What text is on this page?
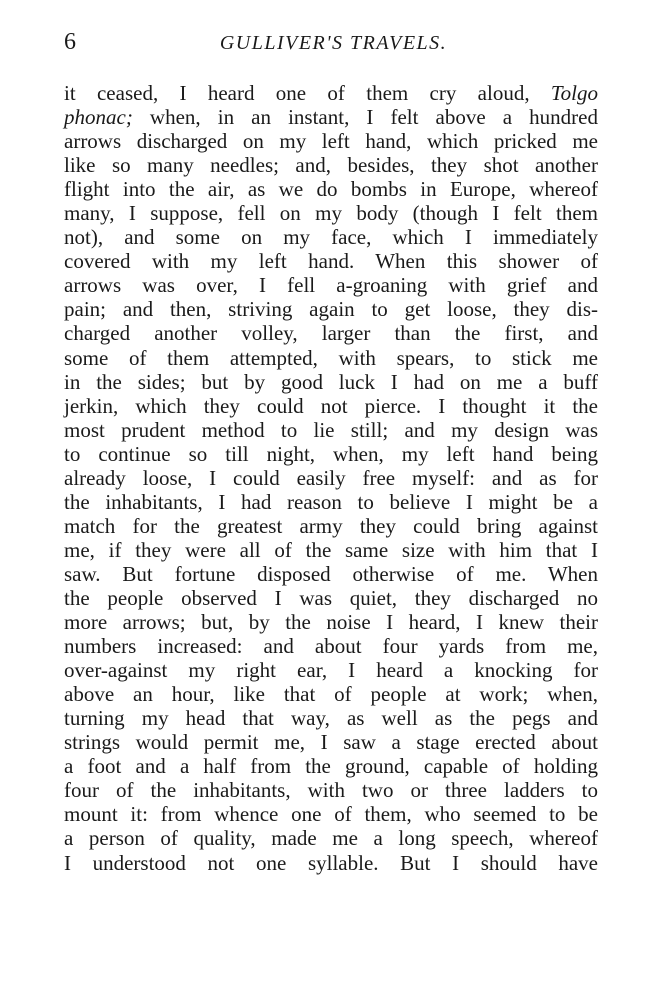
6	GULLIVER'S TRAVELS.
it ceased, I heard one of them cry aloud, Tolgo
phonac; when, in an instant, I felt above a hundred
arrows discharged on my left hand, which pricked me
like so many needles; and, besides, they shot another
flight into the air, as we do bombs in Europe, whereof
many, I suppose, fell on my body (though I felt them
not), and some on my face, which I immediately
covered with my left hand. When this shower of
arrows was over, I fell a-groaning with grief and
pain; and then, striving again to get loose, they dis-
charged another volley, larger than the first, and
some of them attempted, with spears, to stick me
in the sides; but by good luck I had on me a buff
jerkin, which they could not pierce. I thought it the
most prudent method to lie still; and my design was
to continue so till night, when, my left hand being
already loose, I could easily free myself: and as for
the inhabitants, I had reason to believe I might be a
match for the greatest army they could bring against
me, if they were all of the same size with him that I
saw. But fortune disposed otherwise of me. When
the people observed I was quiet, they discharged no
more arrows; but, by the noise I heard, I knew their
numbers increased: and about four yards from me,
over-against my right ear, I heard a knocking for
above an hour, like that of people at work; when,
turning my head that way, as well as the pegs and
strings would permit me, I saw a stage erected about
a foot and a half from the ground, capable of holding
four of the inhabitants, with two or three ladders to
mount it: from whence one of them, who seemed to be
a person of quality, made me a long speech, whereof
I understood not one syllable. But I should have
